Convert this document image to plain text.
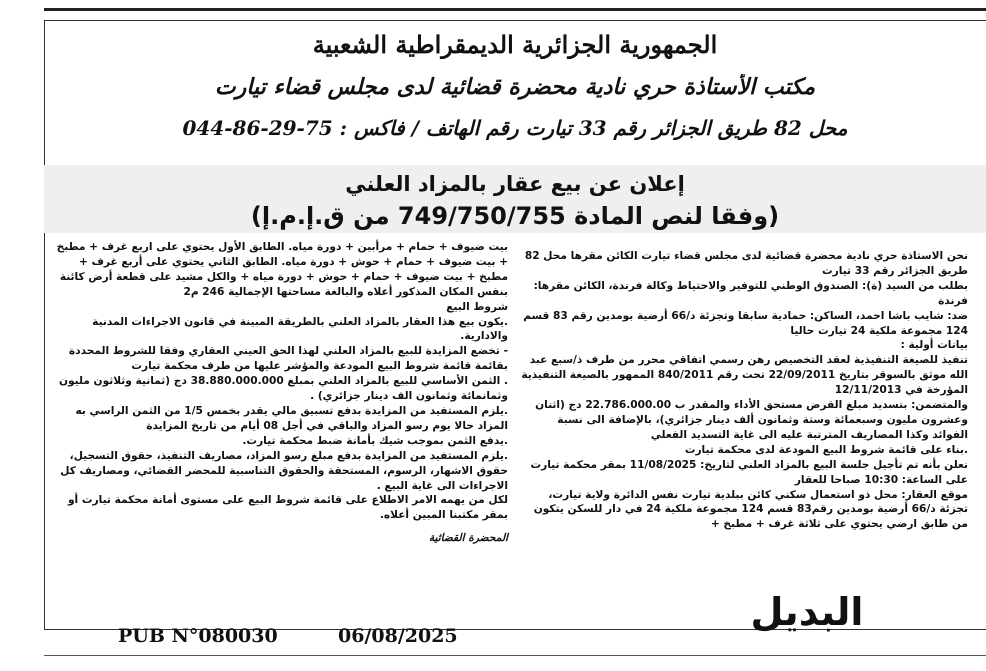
الجمهورية الجزائرية الديمقراطية الشعبية
مكتب الأستاذة حري نادية محضرة قضائية لدى مجلس قضاء تيارت
محل 82 طريق الجزائر رقم 33 تيارت رقم الهاتف / فاكس : 75-29-86-044
إعلان عن بيع عقار بالمزاد العلني
(وفقا لنص المادة 749/750/755 من ق.إ.م.إ)

نحن الاستاذة حري نادية محضرة قضائية لدى مجلس قضاء تيارت الكائن مقرها محل 82 طريق الجزائر رقم 33 تيارت

بطلب من السيد (ة): الصندوق الوطني للتوفير والاحتياط وكالة فرندة، الكائن مقرها: فرندة

ضد: شايب باشا احمد، الساكن: حمادية سابقا وتجزئة د/66 أرضية بومدين رقم 83 قسم 124 مجموعة ملكية 24 تيارت حاليا

بيانات أولية :

تنفيذ للصيغة التنفيذية لعقد التخصيص رهن رسمي اتفاقي محرر من طرف ذ/سبع عبد الله موثق بالسوقر بتاريخ 22/09/2011 تحت رقم 840/2011 الممهور بالصيغة التنفيذية المؤرخة في 12/11/2013

والمتضمن: بتسديد مبلغ القرض مستحق الأداء والمقدر ب 22.786.000.00 دج (اثنان وعشرون مليون وسبعمائة وستة وثمانون ألف دينار جزائري)، بالإضافة الى نسبة الفوائد وكذا المصاريف المترتبة عليه الى غاية التسديد الفعلي

.بناء على قائمة شروط البيع المودعة لدى محكمة تيارت

نعلن بأنه تم تأجيل جلسة البيع بالمزاد العلني لتاريخ: 11/08/2025 بمقر محكمة تيارت على الساعة: 10:30 صباحا للعقار

موقع العقار: محل ذو استعمال سكني كائن ببلدية تيارت نفس الدائرة ولاية تيارت، تجزئة د/66 أرضية بومدين رقم83 قسم 124 مجموعة ملكية 24 في دار للسكن يتكون من طابق ارضي يحتوي على ثلاثة غرف + مطبخ +

بيت ضيوف + حمام + مرأبين + دورة مياه. الطابق الأول يحتوي على اربع غرف + مطبخ + بيت ضيوف + حمام + حوش + دورة مياه. الطابق الثاني يحتوي على أربع غرف + مطبخ + بيت ضيوف + حمام + حوش + دورة مياه + والكل مشيد على قطعة أرض كائنة بنفس المكان المذكور أعلاه والبالغة مساحتها الإجمالية 246 م2

شروط البيع

.يكون بيع هذا العقار بالمزاد العلني بالطريقة المبينة في قانون الاجراءات المدنية والادارية.

- تخضع المزايدة للبيع بالمزاد العلني لهذا الحق العيني العقاري وفقا للشروط المحددة بقائمة قائمة شروط البيع المودعة والمؤشر عليها من طرف محكمة تيارت

. الثمن الأساسي للبيع بالمزاد العلني بمبلغ 38.880.000.000 دج (ثمانية وثلاثون مليون وثمانمائة وثمانون الف دينار جزائري) .

.يلزم المستفيد من المزايدة بدفع تسبيق مالي يقدر بخمس 1/5 من الثمن الراسي به المزاد حالا يوم رسو المزاد والباقي في أجل 08 أيام من تاريخ المزايدة

.يدفع الثمن بموجب شيك بأمانة ضبط محكمة تيارت.

.يلزم المستفيد من المزايدة بدفع مبلغ رسو المزاد، مصاريف التنفيذ، حقوق التسجيل، حقوق الاشهار، الرسوم، المستحقة والحقوق التناسبية للمحضر القضائي، ومصاريف كل الاجراءات الى غاية البيع .

لكل من يهمه الامر الاطلاع على قائمة شروط البيع على مستوى أمانة محكمة تيارت أو بمقر مكتبنا المبين أعلاه.

المحضرة القضائية

البديل
PUB N°080030	06/08/2025
